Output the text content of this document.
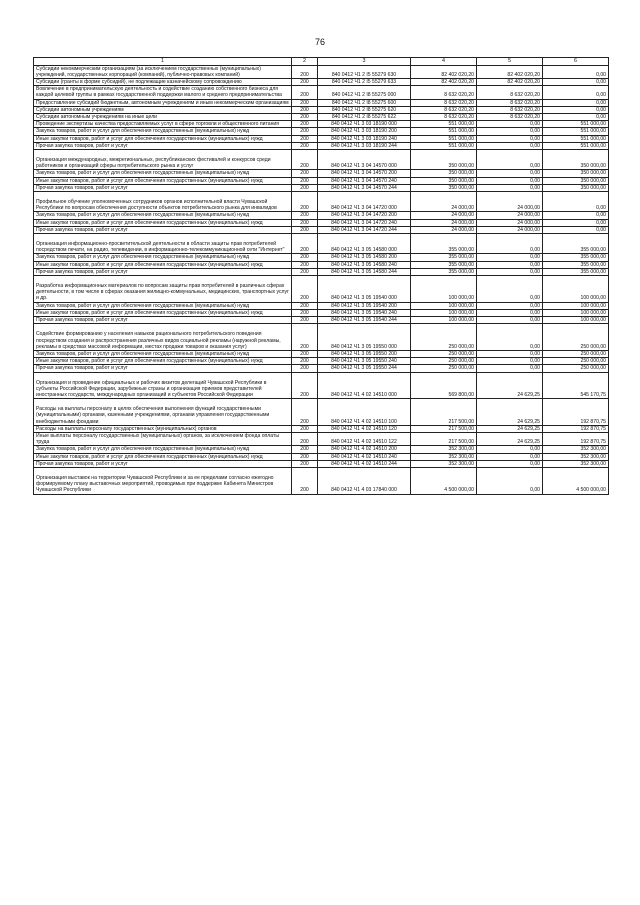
76
1	2	3	4	5	6
Субсидии некоммерческим организациям (за исключением государственных (муниципальных) учреждений, государственных корпораций (компаний), публично-правовых компаний)	200	840 0412 Ч1 2 I5 55279 630	82 402 020,20	82 402 020,20	0,00
Субсидии (гранты в форме субсидий), не подлежащие казначейскому сопровождению	200	840 0412 Ч1 2 I5 55279 633	82 402 020,20	82 402 020,20	0,00
Вовлечение в предпринимательскую деятельность и содействие созданию собственного бизнеса для каждой целевой группы в рамках государственной поддержки малого и среднего предпринимательства	200	840 0412 Ч1 2 I8 55275 000	8 632 020,20	8 632 020,20	0,00
Предоставление субсидий бюджетным, автономным учреждениям и иным некоммерческим организациям	200	840 0412 Ч1 2 I8 55275 600	8 632 020,20	8 632 020,20	0,00
Субсидии автономным учреждениям	200	840 0412 Ч1 2 I8 55275 620	8 632 020,20	8 632 020,20	0,00
Субсидии автономным учреждениям на иные цели	200	840 0412 Ч1 2 I8 55275 622	8 632 020,20	8 632 020,20	0,00
Проведение экспертизы качества предоставляемых услуг в сфере торговли и общественного питания	200	840 0412 Ч1 3 03 18190 000	551 000,00	0,00	551 000,00
Закупка товаров, работ и услуг для обеспечения государственных (муниципальных) нужд	200	840 0412 Ч1 3 03 18190 200	551 000,00	0,00	551 000,00
Иные закупки товаров, работ и услуг для обеспечения государственных (муниципальных) нужд	200	840 0412 Ч1 3 03 18190 240	551 000,00	0,00	551 000,00
Прочая закупка товаров, работ и услуг	200	840 0412 Ч1 3 03 18190 244	551 000,00	0,00	551 000,00
Организация международных, межрегиональных, республиканских фестивалей и конкурсов среди работников и организаций сферы потребительского рынка и услуг	200	840 0412 Ч1 3 04 14570 000	350 000,00	0,00	350 000,00
Закупка товаров, работ и услуг для обеспечения государственных (муниципальных) нужд	200	840 0412 Ч1 3 04 14570 200	350 000,00	0,00	350 000,00
Иные закупки товаров, работ и услуг для обеспечения государственных (муниципальных) нужд	200	840 0412 Ч1 3 04 14570 240	350 000,00	0,00	350 000,00
Прочая закупка товаров, работ и услуг	200	840 0412 Ч1 3 04 14570 244	350 000,00	0,00	350 000,00
Профильное обучение уполномоченных сотрудников органов исполнительной власти Чувашской Республики по вопросам обеспечения доступности объектов потребительского рынка для инвалидов	200	840 0412 Ч1 3 04 14720 000	24 000,00	24 000,00	0,00
Закупка товаров, работ и услуг для обеспечения государственных (муниципальных) нужд	200	840 0412 Ч1 3 04 14720 200	24 000,00	24 000,00	0,00
Иные закупки товаров, работ и услуг для обеспечения государственных (муниципальных) нужд	200	840 0412 Ч1 3 04 14720 240	24 000,00	24 000,00	0,00
Прочая закупка товаров, работ и услуг	200	840 0412 Ч1 3 04 14720 244	24 000,00	24 000,00	0,00
Организация информационно-просветительской деятельности в области защиты прав потребителей посредством печати, на радио, телевидении, в информационно-телекоммуникационной сети "Интернет"	200	840 0412 Ч1 3 05 14580 000	355 000,00	0,00	355 000,00
Закупка товаров, работ и услуг для обеспечения государственных (муниципальных) нужд	200	840 0412 Ч1 3 05 14580 200	355 000,00	0,00	355 000,00
Иные закупки товаров, работ и услуг для обеспечения государственных (муниципальных) нужд	200	840 0412 Ч1 3 05 14580 240	355 000,00	0,00	355 000,00
Прочая закупка товаров, работ и услуг	200	840 0412 Ч1 3 05 14580 244	355 000,00	0,00	355 000,00
Разработка информационных материалов по вопросам защиты прав потребителей в различных сферах деятельности, в том числе в сферах оказания жилищно-коммунальных, медицинских, транспортных услуг и др.	200	840 0412 Ч1 3 05 19540 000	100 000,00	0,00	100 000,00
Закупка товаров, работ и услуг для обеспечения государственных (муниципальных) нужд	200	840 0412 Ч1 3 05 19540 200	100 000,00	0,00	100 000,00
Иные закупки товаров, работ и услуг для обеспечения государственных (муниципальных) нужд	200	840 0412 Ч1 3 05 19540 240	100 000,00	0,00	100 000,00
Прочая закупка товаров, работ и услуг	200	840 0412 Ч1 3 05 19540 244	100 000,00	0,00	100 000,00
Содействие формированию у населения навыков рационального потребительского поведения посредством создания и распространения различных видов социальной рекламы (наружной рекламы, рекламы в средствах массовой информации, местах продажи товаров и оказания услуг)	200	840 0412 Ч1 3 05 19550 000	250 000,00	0,00	250 000,00
Закупка товаров, работ и услуг для обеспечения государственных (муниципальных) нужд	200	840 0412 Ч1 3 05 19550 200	250 000,00	0,00	250 000,00
Иные закупки товаров, работ и услуг для обеспечения государственных (муниципальных) нужд	200	840 0412 Ч1 3 05 19550 240	250 000,00	0,00	250 000,00
Прочая закупка товаров, работ и услуг	200	840 0412 Ч1 3 05 19550 244	250 000,00	0,00	250 000,00
Организация и проведение официальных и рабочих визитов делегаций Чувашской Республики в субъекты Российской Федерации, зарубежные страны и организация приемов представителей иностранных государств, международных организаций и субъектов Российской Федерации	200	840 0412 Ч1 4 02 14510 000	569 800,00	24 629,25	545 170,75
Расходы на выплаты персоналу в целях обеспечения выполнения функций государственными (муниципальными) органами, казенными учреждениями, органами управления государственными внебюджетными фондами	200	840 0412 Ч1 4 02 14510 100	217 500,00	24 629,25	192 870,75
Расходы на выплаты персоналу государственных (муниципальных) органов	200	840 0412 Ч1 4 02 14510 120	217 500,00	24 629,25	192 870,75
Иные выплаты персоналу государственных (муниципальных) органов, за исключением фонда оплаты труда	200	840 0412 Ч1 4 02 14510 122	217 500,00	24 629,25	192 870,75
Закупка товаров, работ и услуг для обеспечения государственных (муниципальных) нужд	200	840 0412 Ч1 4 02 14510 200	352 300,00	0,00	352 300,00
Иные закупки товаров, работ и услуг для обеспечения государственных (муниципальных) нужд	200	840 0412 Ч1 4 02 14510 240	352 300,00	0,00	352 300,00
Прочая закупка товаров, работ и услуг	200	840 0412 Ч1 4 02 14510 244	352 300,00	0,00	352 300,00
Организация выставок на территории Чувашской Республики и за ее пределами согласно ежегодно формируемому плану выставочных мероприятий, проводимых при поддержке Кабинета Министров Чувашской Республики	200	840 0412 Ч1 4 03 17840 000	4 500 000,00	0,00	4 500 000,00
